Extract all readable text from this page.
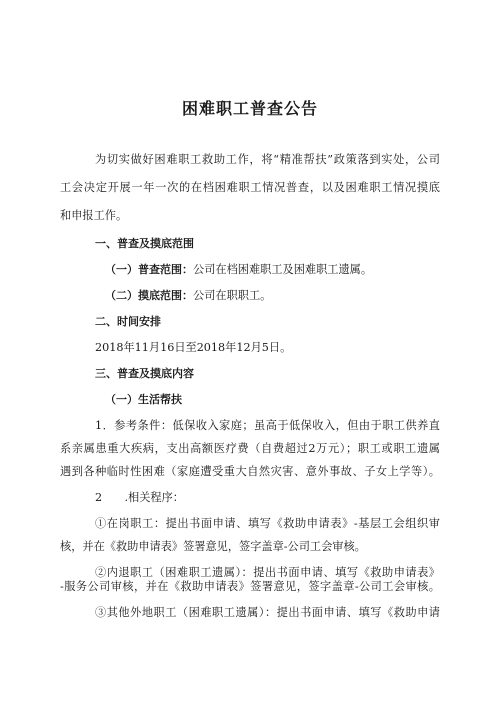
困难职工普查公告
为切实做好困难职工救助工作，将“精准帮扶”政策落到实处，公司
工会决定开展一年一次的在档困难职工情况普查，以及困难职工情况摸底
和申报工作。
一、普查及摸底范围
（一）普查范围：公司在档困难职工及困难职工遗属。
（二）摸底范围：公司在职职工。
二、时间安排
2018年11月16日至2018年12月5日。
三、普查及摸底内容
（一）生活帮扶
1．参考条件：低保收入家庭；虽高于低保收入，但由于职工供养直
系亲属患重大疾病，支出高额医疗费（自费超过2万元）；职工或职工遗属
遇到各种临时性困难（家庭遭受重大自然灾害、意外事故、子女上学等）。
2　　.相关程序：
①在岗职工：提出书面申请、填写《救助申请表》-基层工会组织审
核，并在《救助申请表》签署意见，签字盖章-公司工会审核。
②内退职工（困难职工遗属）：提出书面申请、填写《救助申请表》
-服务公司审核，并在《救助申请表》签署意见，签字盖章-公司工会审核。
③其他外地职工（困难职工遗属）：提出书面申请、填写《救助申请
